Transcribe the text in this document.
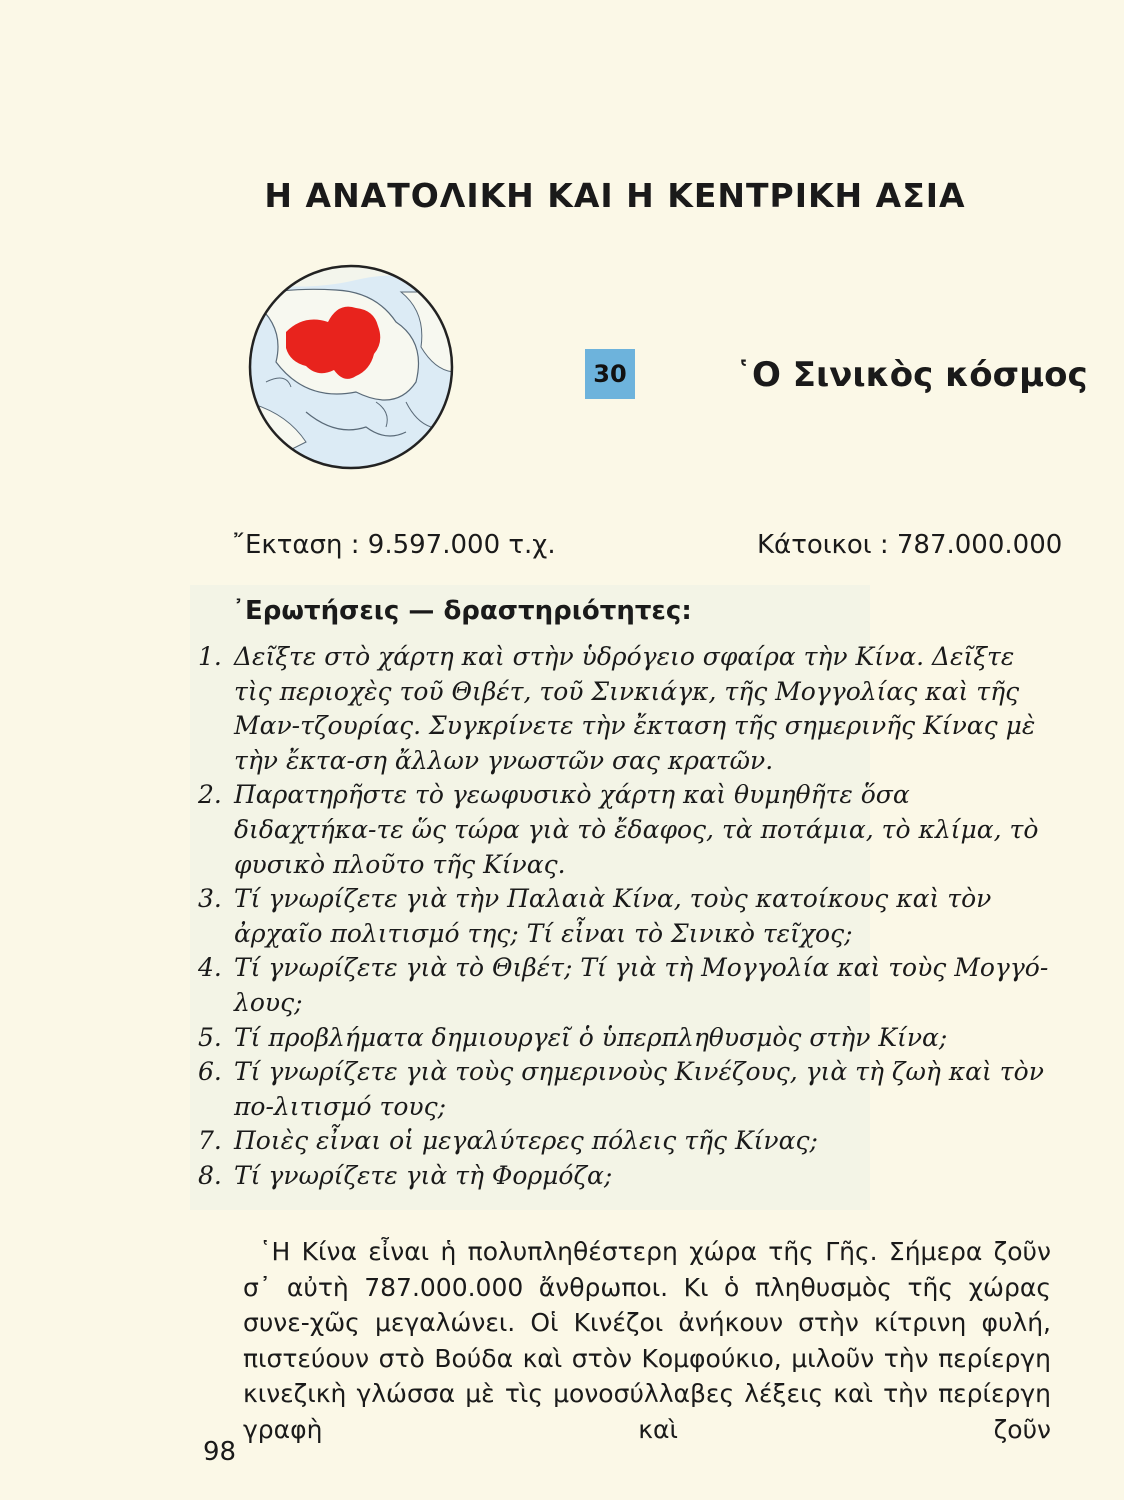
Η ΑΝΑΤΟΛΙΚΗ ΚΑΙ Η ΚΕΝΤΡΙΚΗ ΑΣΙΑ
30	῾Ο Σινικὸς κόσμος
῎Εκταση : 9.597.000 τ.χ.	Κάτοικοι : 787.000.000
᾿Ερωτήσεις — δραστηριότητες:
1. Δεῖξτε στὸ χάρτη καὶ στὴν ὑδρόγειο σφαίρα τὴν Κίνα. Δεῖξτε τὶς περιοχὲς τοῦ Θιβέτ, τοῦ Σινκιάγκ, τῆς Μογγολίας καὶ τῆς Μαν-τζουρίας. Συγκρίνετε τὴν ἔκταση τῆς σημερινῆς Κίνας μὲ τὴν ἔκτα-ση ἄλλων γνωστῶν σας κρατῶν.
2. Παρατηρῆστε τὸ γεωφυσικὸ χάρτη καὶ θυμηθῆτε ὅσα διδαχτήκα-τε ὥς τώρα γιὰ τὸ ἔδαφος, τὰ ποτάμια, τὸ κλίμα, τὸ φυσικὸ πλοῦτο τῆς Κίνας.
3. Τί γνωρίζετε γιὰ τὴν Παλαιὰ Κίνα, τοὺς κατοίκους καὶ τὸν ἀρχαῖο πολιτισμό της; Τί εἶναι τὸ Σινικὸ τεῖχος;
4. Τί γνωρίζετε γιὰ τὸ Θιβέτ; Τί γιὰ τὴ Μογγολία καὶ τοὺς Μογγό-λους;
5. Τί προβλήματα δημιουργεῖ ὁ ὑπερπληθυσμὸς στὴν Κίνα;
6. Τί γνωρίζετε γιὰ τοὺς σημερινοὺς Κινέζους, γιὰ τὴ ζωὴ καὶ τὸν πο-λιτισμό τους;
7. Ποιὲς εἶναι οἱ μεγαλύτερες πόλεις τῆς Κίνας;
8. Τί γνωρίζετε γιὰ τὴ Φορμόζα;

῾Η Κίνα εἶναι ἡ πολυπληθέστερη χώρα τῆς Γῆς. Σήμερα ζοῦν σ᾿ αὐτὴ 787.000.000 ἄνθρωποι. Κι ὁ πληθυσμὸς τῆς χώρας συνε-χῶς μεγαλώνει. Οἱ Κινέζοι ἀνήκουν στὴν κίτρινη φυλή, πιστεύουν στὸ Βούδα καὶ στὸν Κομφούκιο, μιλοῦν τὴν περίεργη κινεζικὴ γλώσσα μὲ τὶς μονοσύλλαβες λέξεις καὶ τὴν περίεργη γραφὴ καὶ ζοῦν

98
